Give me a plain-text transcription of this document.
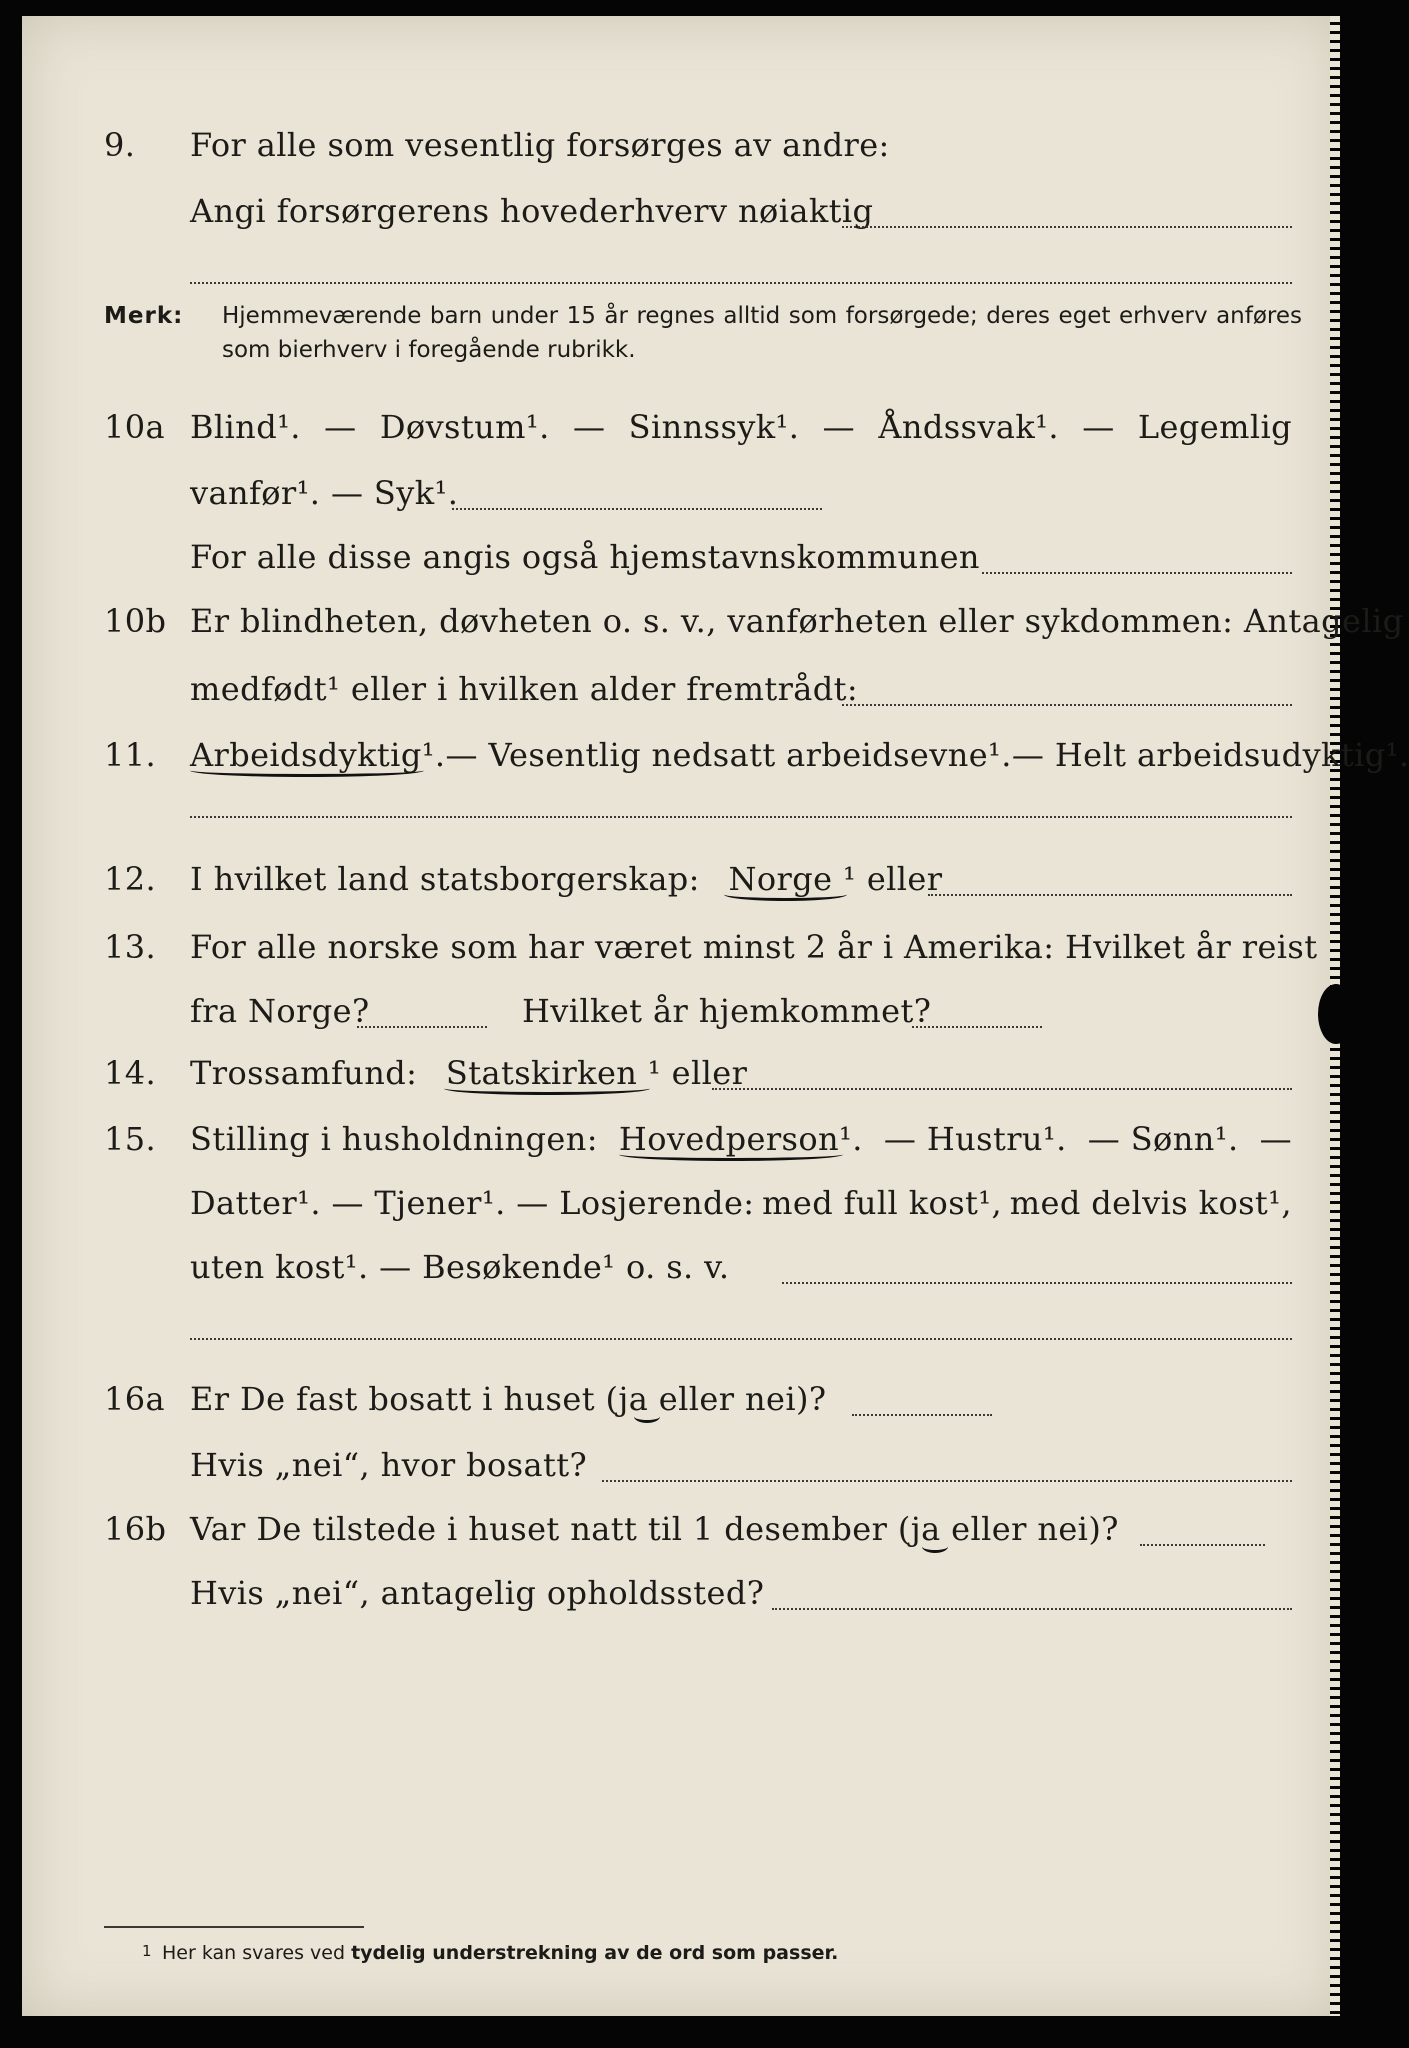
9. For alle som vesentlig forsørges av andre:
Angi forsørgerens hovederhverv nøiaktig
Merk: Hjemmeværende barn under 15 år regnes alltid som forsørgede; deres eget erhverv anføres som bierhverv i foregående rubrikk.
10a Blind¹. — Døvstum¹. — Sinnssyk¹. — Åndssvak¹. — Legemlig
vanfør¹. — Syk¹.
For alle disse angis også hjemstavnskommunen
10b Er blindheten, døvheten o. s. v., vanførheten eller sykdommen: Antagelig
medfødt¹ eller i hvilken alder fremtrådt:
11. Arbeidsdyktig¹. — Vesentlig nedsatt arbeidsevne¹. — Helt arbeidsudyktig¹.
12. I hvilket land statsborgerskap: Norge ¹ eller
13. For alle norske som har været minst 2 år i Amerika: Hvilket år reist
fra Norge?	Hvilket år hjemkommet?
14. Trossamfund: Statskirken ¹ eller
15. Stilling i husholdningen: Hovedperson¹. — Hustru¹. — Sønn¹. —
Datter¹. — Tjener¹. — Losjerende: med full kost¹, med delvis kost¹,
uten kost¹. — Besøkende¹ o. s. v.
16a Er De fast bosatt i huset (ja eller nei)?
Hvis „nei“, hvor bosatt?
16b Var De tilstede i huset natt til 1 desember (ja eller nei)?
Hvis „nei“, antagelig opholdssted?
1 Her kan svares ved tydelig understrekning av de ord som passer.
